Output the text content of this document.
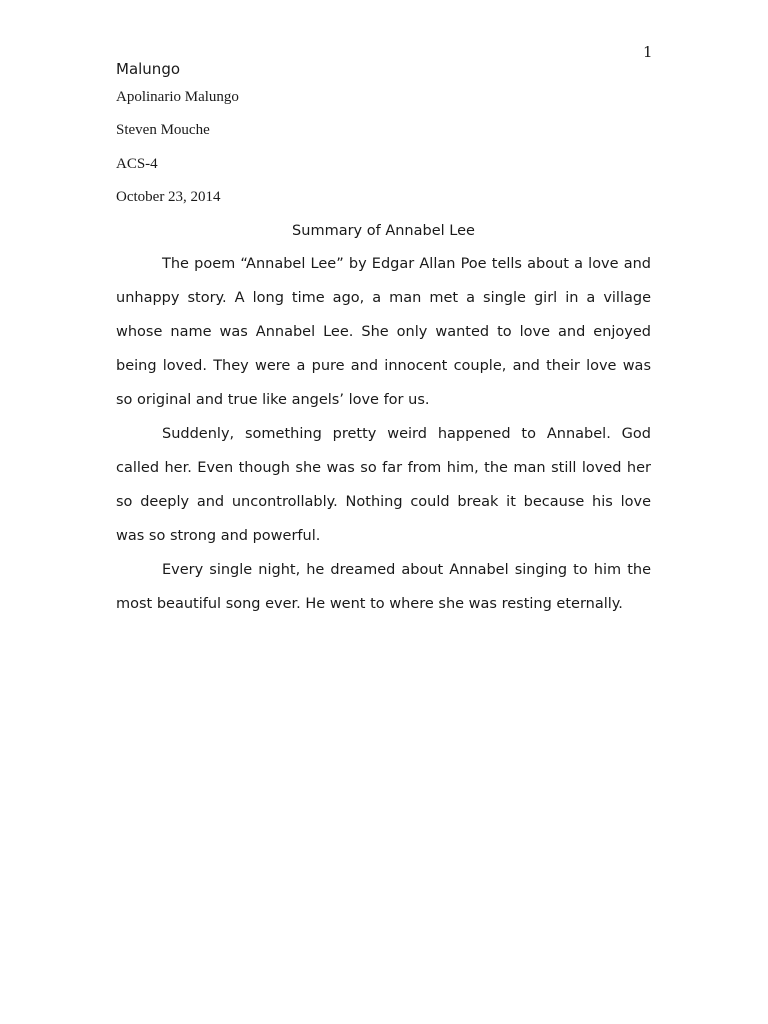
1
Malungo
Apolinario Malungo
Steven Mouche
ACS-4
October 23, 2014
Summary of Annabel Lee

The poem “Annabel Lee” by Edgar Allan Poe tells about a love and unhappy story. A long time ago, a man met a single girl in a village whose name was Annabel Lee. She only wanted to love and enjoyed being loved. They were a pure and innocent couple, and their love was so original and true like angels’ love for us.

Suddenly, something pretty weird happened to Annabel. God called her. Even though she was so far from him, the man still loved her so deeply and uncontrollably. Nothing could break it because his love was so strong and powerful.

Every single night, he dreamed about Annabel singing to him the most beautiful song ever. He went to where she was resting eternally.
